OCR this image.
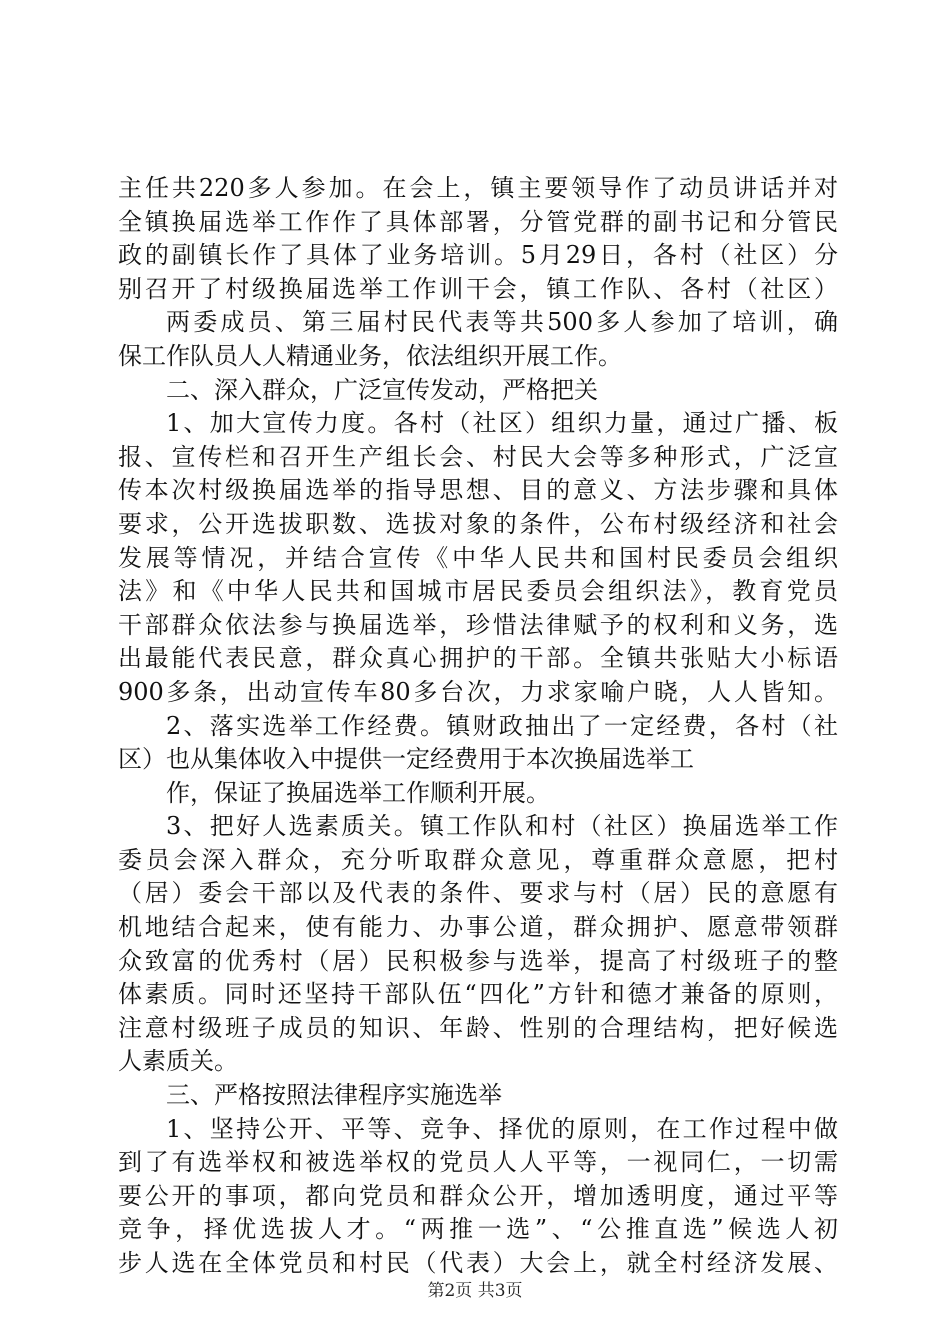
主任共220多人参加。在会上，镇主要领导作了动员讲话并对
全镇换届选举工作作了具体部署，分管党群的副书记和分管民
政的副镇长作了具体了业务培训。5月29日，各村（社区）分
别召开了村级换届选举工作训干会，镇工作队、各村（社区）
两委成员、第三届村民代表等共500多人参加了培训，确
保工作队员人人精通业务，依法组织开展工作。
二、深入群众，广泛宣传发动，严格把关
1、加大宣传力度。各村（社区）组织力量，通过广播、板
报、宣传栏和召开生产组长会、村民大会等多种形式，广泛宣
传本次村级换届选举的指导思想、目的意义、方法步骤和具体
要求，公开选拔职数、选拔对象的条件，公布村级经济和社会
发展等情况，并结合宣传《中华人民共和国村民委员会组织
法》和《中华人民共和国城市居民委员会组织法》，教育党员
干部群众依法参与换届选举，珍惜法律赋予的权利和义务，选
出最能代表民意，群众真心拥护的干部。全镇共张贴大小标语
900多条，出动宣传车80多台次，力求家喻户晓，人人皆知。
2、落实选举工作经费。镇财政抽出了一定经费，各村（社
区）也从集体收入中提供一定经费用于本次换届选举工
作，保证了换届选举工作顺利开展。
3、把好人选素质关。镇工作队和村（社区）换届选举工作
委员会深入群众，充分听取群众意见，尊重群众意愿，把村
（居）委会干部以及代表的条件、要求与村（居）民的意愿有
机地结合起来，使有能力、办事公道，群众拥护、愿意带领群
众致富的优秀村（居）民积极参与选举，提高了村级班子的整
体素质。同时还坚持干部队伍“四化”方针和德才兼备的原则，
注意村级班子成员的知识、年龄、性别的合理结构，把好候选
人素质关。
三、严格按照法律程序实施选举
1、坚持公开、平等、竞争、择优的原则，在工作过程中做
到了有选举权和被选举权的党员人人平等，一视同仁，一切需
要公开的事项，都向党员和群众公开，增加透明度，通过平等
竞争，择优选拔人才。“两推一选”、“公推直选”候选人初
步人选在全体党员和村民（代表）大会上，就全村经济发展、
第2页 共3页
